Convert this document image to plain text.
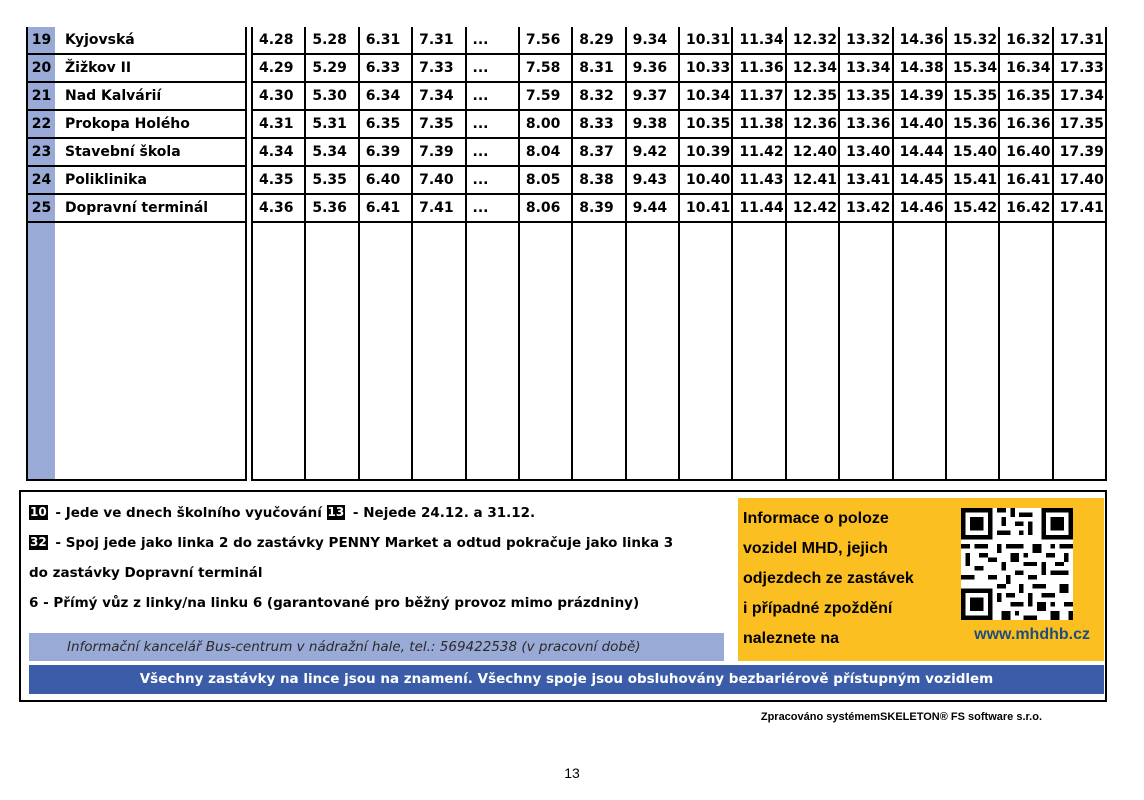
19 Kyjovská
20 Žižkov II
21 Nad Kalvárií
22 Prokopa Holého
23 Stavební škola
24 Poliklinika
25 Dopravní terminál
4.28
4.29
4.30
4.31
4.34
4.35
4.36
5.28
5.29
5.30
5.31
5.34
5.35
5.36
6.31
6.33
6.34
6.35
6.39
6.40
6.41
7.31
7.33
7.34
7.35
7.39
7.40
7.41
...
...
...
...
...
...
...
7.56
7.58
7.59
8.00
8.04
8.05
8.06
8.29
8.31
8.32
8.33
8.37
8.38
8.39
9.34
9.36
9.37
9.38
9.42
9.43
9.44
10.31
10.33
10.34
10.35
10.39
10.40
10.41
11.34
11.36
11.37
11.38
11.42
11.43
11.44
12.32
12.34
12.35
12.36
12.40
12.41
12.42
13.32
13.34
13.35
13.36
13.40
13.41
13.42
14.36
14.38
14.39
14.40
14.44
14.45
14.46
15.32
15.34
15.35
15.36
15.40
15.41
15.42
16.32
16.34
16.35
16.36
16.40
16.41
16.42
17.31
17.33
17.34
17.35
17.39
17.40
17.41
10 - Jede ve dnech školního vyučování 13 - Nejede 24.12. a 31.12.
32 - Spoj jede jako linka 2 do zastávky PENNY Market a odtud pokračuje jako linka 3
do zastávky Dopravní terminál
6 - Přímý vůz z linky/na linku 6 (garantované pro běžný provoz mimo prázdniny)
Informační kancelář Bus-centrum v nádražní hale, tel.: 569422538 (v pracovní době)
Informace o poloze
vozidel MHD, jejich
odjezdech ze zastávek
i případné zpoždění
naleznete na	www.mhdhb.cz
Všechny zastávky na lince jsou na znamení. Všechny spoje jsou obsluhovány bezbariérově přístupným vozidlem
Zpracováno systémemSKELETON® FS software s.r.o.
13
